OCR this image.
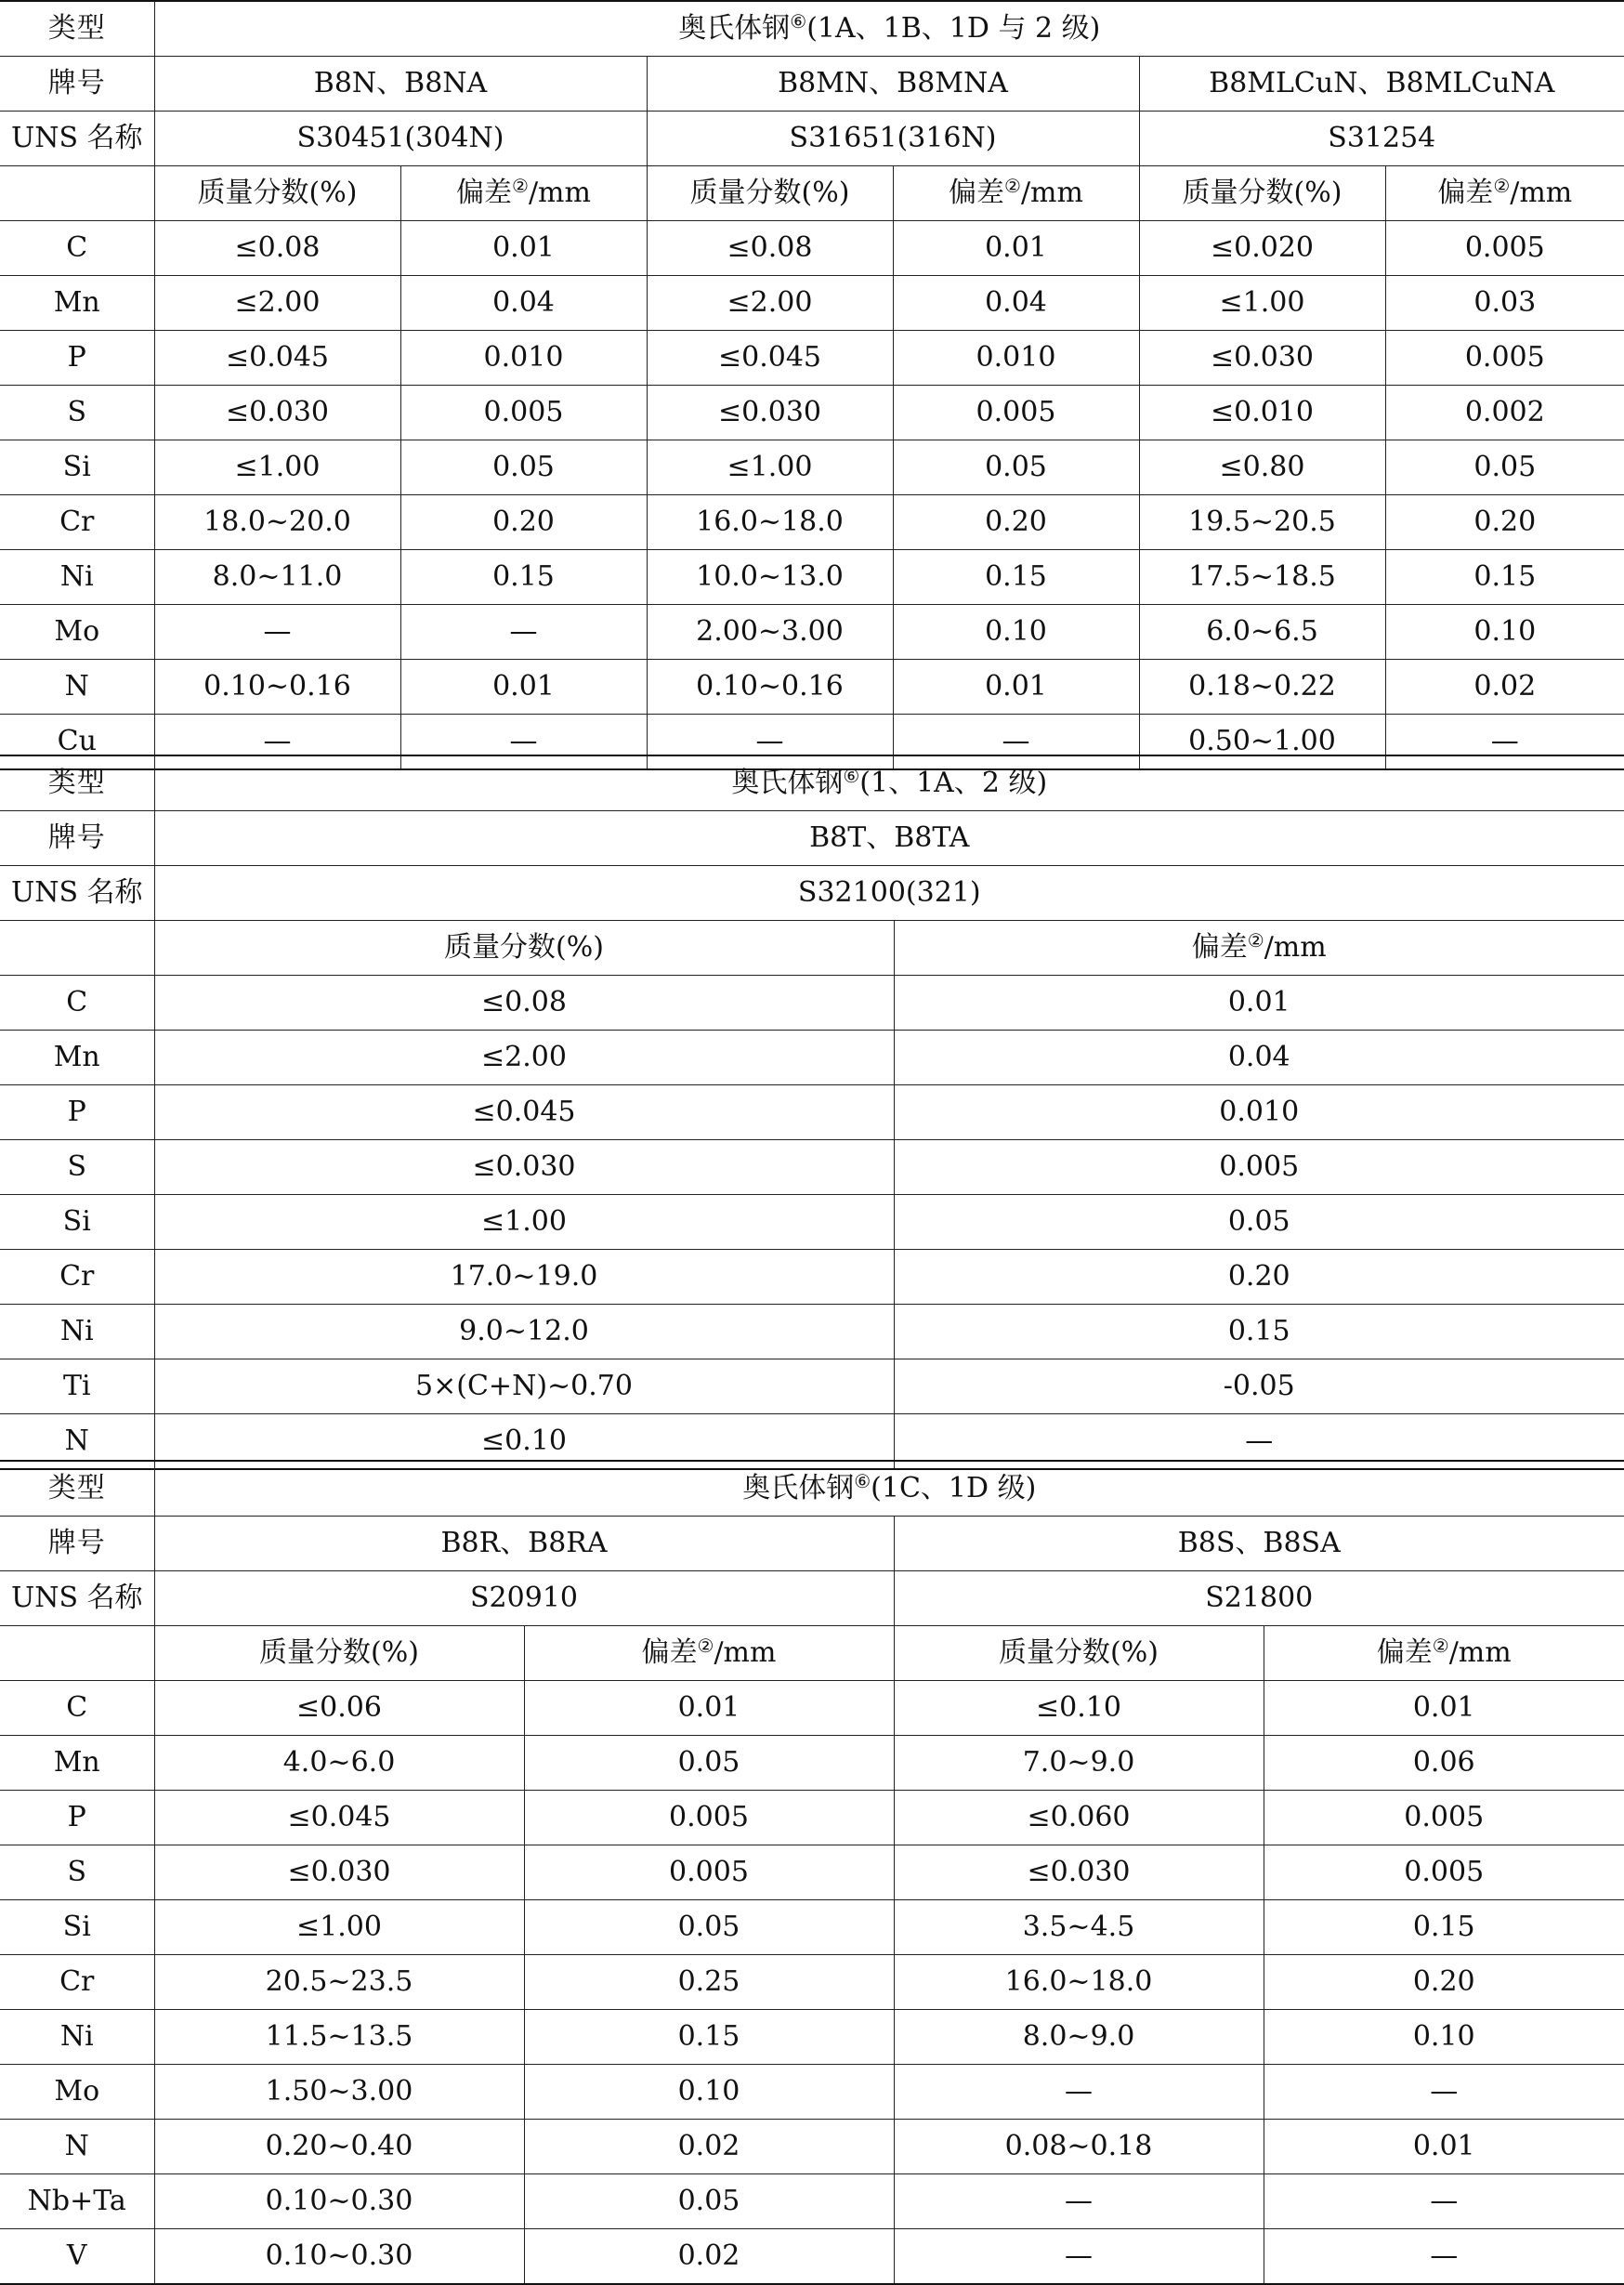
类型	奥氏体钢⑥(1A、1B、1D 与 2 级)					
牌号	B8N、B8NA		B8MN、B8MNA		B8MLCuN、B8MLCuNA	
UNS 名称	S30451(304N)		S31651(316N)		S31254	
	质量分数(%)	偏差②/mm	质量分数(%)	偏差②/mm	质量分数(%)	偏差②/mm
C	≤0.08	0.01	≤0.08	0.01	≤0.020	0.005
Mn	≤2.00	0.04	≤2.00	0.04	≤1.00	0.03
P	≤0.045	0.010	≤0.045	0.010	≤0.030	0.005
S	≤0.030	0.005	≤0.030	0.005	≤0.010	0.002
Si	≤1.00	0.05	≤1.00	0.05	≤0.80	0.05
Cr	18.0~20.0	0.20	16.0~18.0	0.20	19.5~20.5	0.20
Ni	8.0~11.0	0.15	10.0~13.0	0.15	17.5~18.5	0.15
Mo	—	—	2.00~3.00	0.10	6.0~6.5	0.10
N	0.10~0.16	0.01	0.10~0.16	0.01	0.18~0.22	0.02
Cu	—	—	—	—	0.50~1.00	—
类型	奥氏体钢⑥(1、1A、2 级)	
牌号	B8T、B8TA	
UNS 名称	S32100(321)	
	质量分数(%)	偏差②/mm
C	≤0.08	0.01
Mn	≤2.00	0.04
P	≤0.045	0.010
S	≤0.030	0.005
Si	≤1.00	0.05
Cr	17.0~19.0	0.20
Ni	9.0~12.0	0.15
Ti	5×(C+N)~0.70	-0.05
N	≤0.10	—
类型	奥氏体钢⑥(1C、1D 级)			
牌号	B8R、B8RA		B8S、B8SA	
UNS 名称	S20910		S21800	
	质量分数(%)	偏差②/mm	质量分数(%)	偏差②/mm
C	≤0.06	0.01	≤0.10	0.01
Mn	4.0~6.0	0.05	7.0~9.0	0.06
P	≤0.045	0.005	≤0.060	0.005
S	≤0.030	0.005	≤0.030	0.005
Si	≤1.00	0.05	3.5~4.5	0.15
Cr	20.5~23.5	0.25	16.0~18.0	0.20
Ni	11.5~13.5	0.15	8.0~9.0	0.10
Mo	1.50~3.00	0.10	—	—
N	0.20~0.40	0.02	0.08~0.18	0.01
Nb+Ta	0.10~0.30	0.05	—	—
V	0.10~0.30	0.02	—	—
